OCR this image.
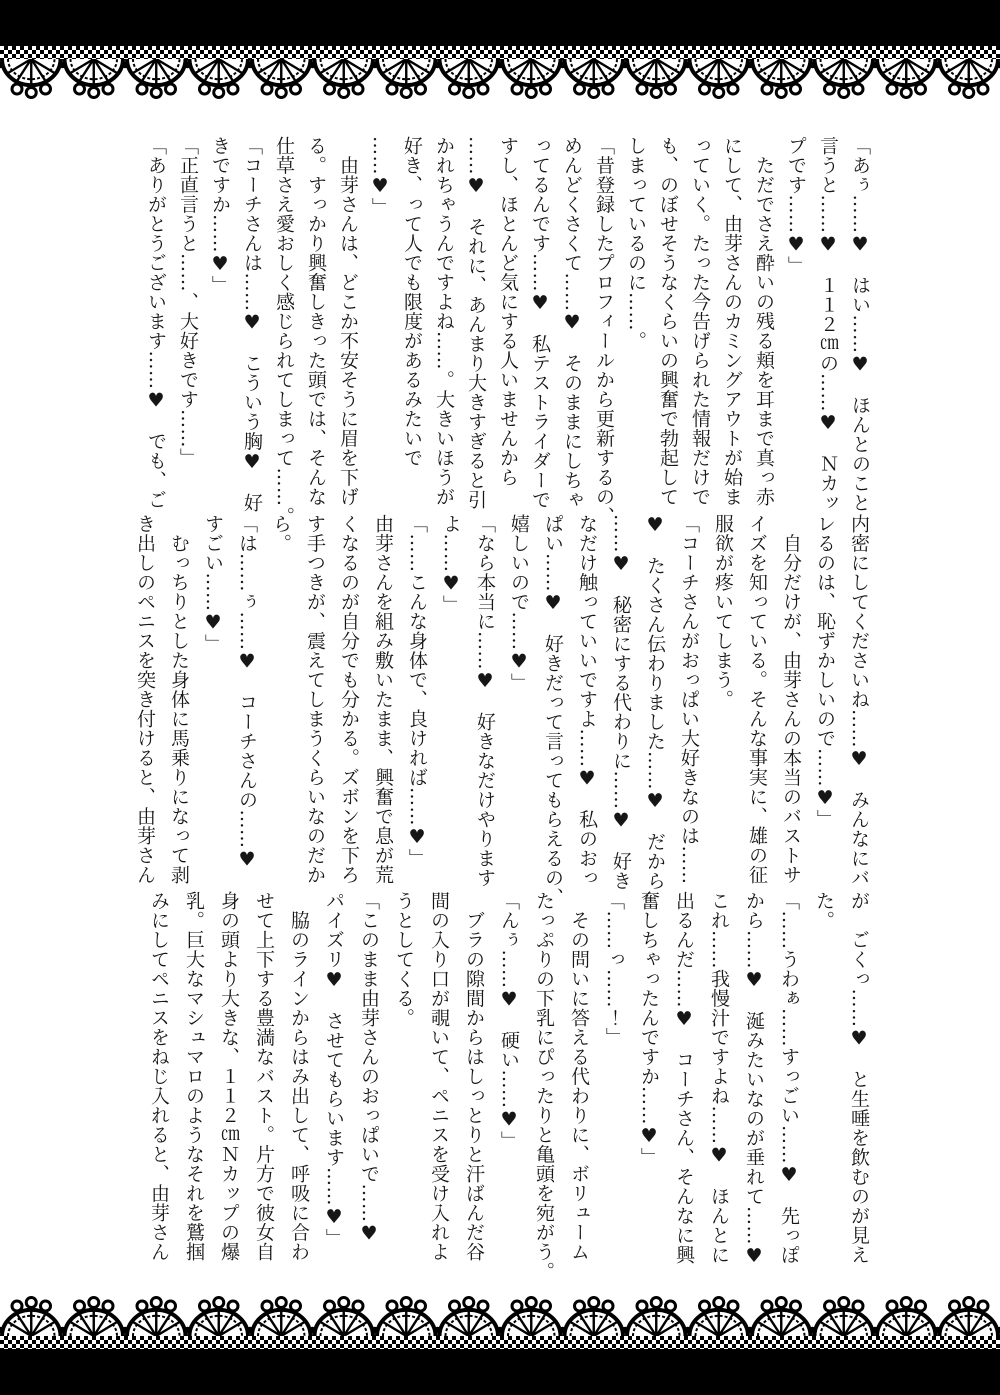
「あぅ……♥　はい……♥　ほんとのこと
言うと……♥　１１２㎝の……♥　Ｎカッ
プです……♥」
　ただでさえ酔いの残る頬を耳まで真っ赤
にして、由芽さんのカミングアウトが始ま
っていく。たった今告げられた情報だけで
も、のぼせそうなくらいの興奮で勃起して
しまっているのに……。
「昔登録したプロフィールから更新するの、
めんどくさくて……♥　そのままにしちゃ
ってるんです……♥　私テストライダーで
すし、ほとんど気にする人いませんから
……♥　それに、あんまり大きすぎると引
かれちゃうんですよね……。大きいほうが
好き、って人でも限度があるみたいで
……♥」
　由芽さんは、どこか不安そうに眉を下げ
る。すっかり興奮しきった頭では、そんな
仕草さえ愛おしく感じられてしまって……。
「コーチさんは……♥　こういう胸♥　好
きですか……♥」
「正直言うと……、大好きです……」
「ありがとうございます……♥　でも、ご
内密にしてくださいね……♥　みんなにバ
レるのは、恥ずかしいので……♥」
　自分だけが、由芽さんの本当のバストサ
イズを知っている。そんな事実に、雄の征
服欲が疼いてしまう。
「コーチさんがおっぱい大好きなのは……
♥　たくさん伝わりました……♥　だから
……♥　秘密にする代わりに……♥　好き
なだけ触っていいですよ……♥　私のおっ
ぱい……♥　好きだって言ってもらえるの、
嬉しいので……♥」
「なら本当に……♥　好きなだけやります
よ……♥」
「……こんな身体で、良ければ……♥」
由芽さんを組み敷いたまま、興奮で息が荒
くなるのが自分でも分かる。ズボンを下ろ
す手つきが、震えてしまうくらいなのだか
ら。
「は……ぅ……♥　コーチさんの……♥
すごい……♥」
　むっちりとした身体に馬乗りになって剥
き出しのペニスを突き付けると、由芽さん
が　ごくっ……♥　と生唾を飲むのが見え
た。
「……うわぁ……すっごい……♥　先っぽ
から……♥　涎みたいなのが垂れて……♥
これ……我慢汁ですよね……♥　ほんとに
出るんだ……♥　コーチさん、そんなに興
奮しちゃったんですか……♥」
「……っ……！」
　その問いに答える代わりに、ボリューム
たっぷりの下乳にぴったりと亀頭を宛がう。
「んぅ……♥　硬い……♥」
　ブラの隙間からはしっとりと汗ばんだ谷
間の入り口が覗いて、ペニスを受け入れよ
うとしてくる。
「このまま由芽さんのおっぱいで……♥
パイズリ♥　させてもらいます……♥」
　脇のラインからはみ出して、呼吸に合わ
せて上下する豊満なバスト。片方で彼女自
身の頭より大きな、１１２㎝Ｎカップの爆
乳。巨大なマシュマロのようなそれを鷲掴
みにしてペニスをねじ入れると、由芽さん
